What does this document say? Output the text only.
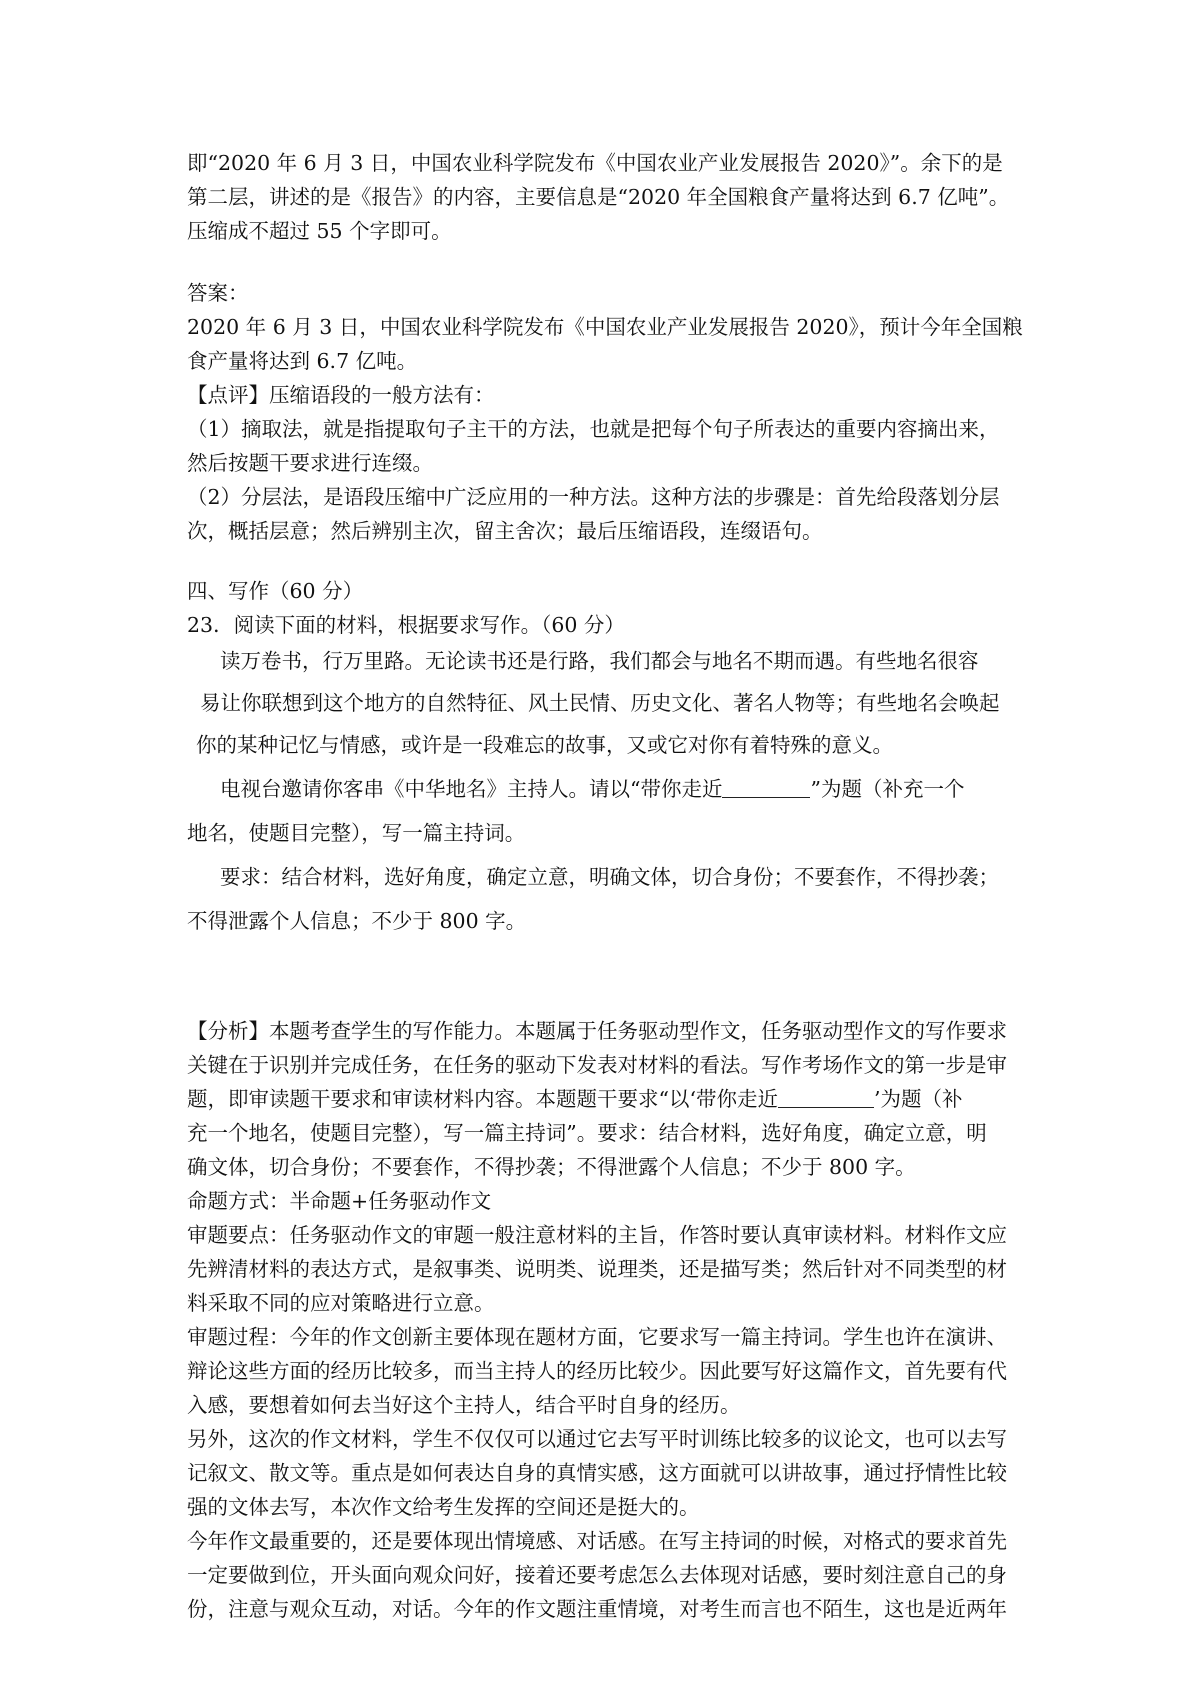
即“2020 年 6 月 3 日，中国农业科学院发布《中国农业产业发展报告 2020》”。余下的是
第二层，讲述的是《报告》的内容，主要信息是“2020 年全国粮食产量将达到 6.7 亿吨”。
压缩成不超过 55 个字即可。
答案：
2020 年 6 月 3 日，中国农业科学院发布《中国农业产业发展报告 2020》，预计今年全国粮
食产量将达到 6.7 亿吨。
【点评】压缩语段的一般方法有：
（1）摘取法，就是指提取句子主干的方法，也就是把每个句子所表达的重要内容摘出来，
然后按题干要求进行连缀。
（2）分层法，是语段压缩中广泛应用的一种方法。这种方法的步骤是：首先给段落划分层
次，概括层意；然后辨别主次，留主舍次；最后压缩语段，连缀语句。
四、写作（60 分）
23．阅读下面的材料，根据要求写作。（60 分）
读万卷书，行万里路。无论读书还是行路，我们都会与地名不期而遇。有些地名很容
易让你联想到这个地方的自然特征、风土民情、历史文化、著名人物等；有些地名会唤起
你的某种记忆与情感，或许是一段难忘的故事，又或它对你有着特殊的意义。
电视台邀请你客串《中华地名》主持人。请以“带你走近	”为题（补充一个
地名，使题目完整），写一篇主持词。
要求：结合材料，选好角度，确定立意，明确文体，切合身份；不要套作，不得抄袭；
不得泄露个人信息；不少于 800 字。
【分析】本题考查学生的写作能力。本题属于任务驱动型作文，任务驱动型作文的写作要求
关键在于识别并完成任务，在任务的驱动下发表对材料的看法。写作考场作文的第一步是审
题，即审读题干要求和审读材料内容。本题题干要求“以‘带你走近	’为题（补
充一个地名，使题目完整），写一篇主持词”。要求：结合材料，选好角度，确定立意，明
确文体，切合身份；不要套作，不得抄袭；不得泄露个人信息；不少于 800 字。
命题方式：半命题+任务驱动作文
审题要点：任务驱动作文的审题一般注意材料的主旨，作答时要认真审读材料。材料作文应
先辨清材料的表达方式，是叙事类、说明类、说理类，还是描写类；然后针对不同类型的材
料采取不同的应对策略进行立意。
审题过程：今年的作文创新主要体现在题材方面，它要求写一篇主持词。学生也许在演讲、
辩论这些方面的经历比较多，而当主持人的经历比较少。因此要写好这篇作文，首先要有代
入感，要想着如何去当好这个主持人，结合平时自身的经历。
另外，这次的作文材料，学生不仅仅可以通过它去写平时训练比较多的议论文，也可以去写
记叙文、散文等。重点是如何表达自身的真情实感，这方面就可以讲故事，通过抒情性比较
强的文体去写，本次作文给考生发挥的空间还是挺大的。
今年作文最重要的，还是要体现出情境感、对话感。在写主持词的时候，对格式的要求首先
一定要做到位，开头面向观众问好，接着还要考虑怎么去体现对话感，要时刻注意自己的身
份，注意与观众互动，对话。今年的作文题注重情境，对考生而言也不陌生，这也是近两年
